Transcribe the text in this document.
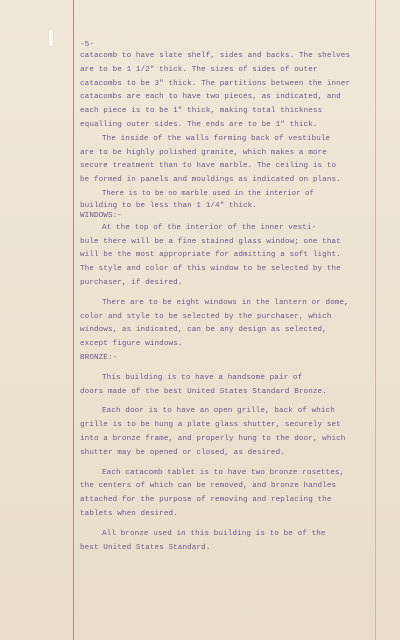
-5-
catacomb to have slate shelf, sides and backs. The shelves
are to be 1 1/2" thick. The sizes of sides of outer
catacombs to be 3" thick. The partitions between the inner
catacombs are each to have two pieces, as indicated, and
each piece is to be 1" thick, making total thickness
equalling outer sides. The ends are to be 1" thick.
The inside of the walls forming back of vestibule
are to be highly polished granite, which makes a more
secure treatment than to have marble. The ceiling is to
be formed in panels and mouldings as indicated on plans.
There is to be no marble used in the interior of
building to be less than 1 1/4" thick.
WINDOWS:-
At the top of the interior of the inner vesti-
bule there will be a fine stained glass window; one that
will be the most appropriate for admitting a soft light.
The style and color of this window to be selected by the
purchaser, if desired.
There are to be eight windows in the lantern or dome,
color and style to be selected by the purchaser, which
windows, as indicated, can be any design as selected,
except figure windows.
BRONZE:-
This building is to have a handsome pair of
doors made of the best United States Standard Bronze.
Each door is to have an open grille, back of which
grille is to be hung a plate glass shutter, securely set
into a bronze frame, and properly hung to the door, which
shutter may be opened or closed, as desired.
Each catacomb tablet is to have two bronze rosettes,
the centers of which can be removed, and bronze handles
attached for the purpose of removing and replacing the
tablets when desired.
All bronze used in this building is to be of the
best United States Standard.
